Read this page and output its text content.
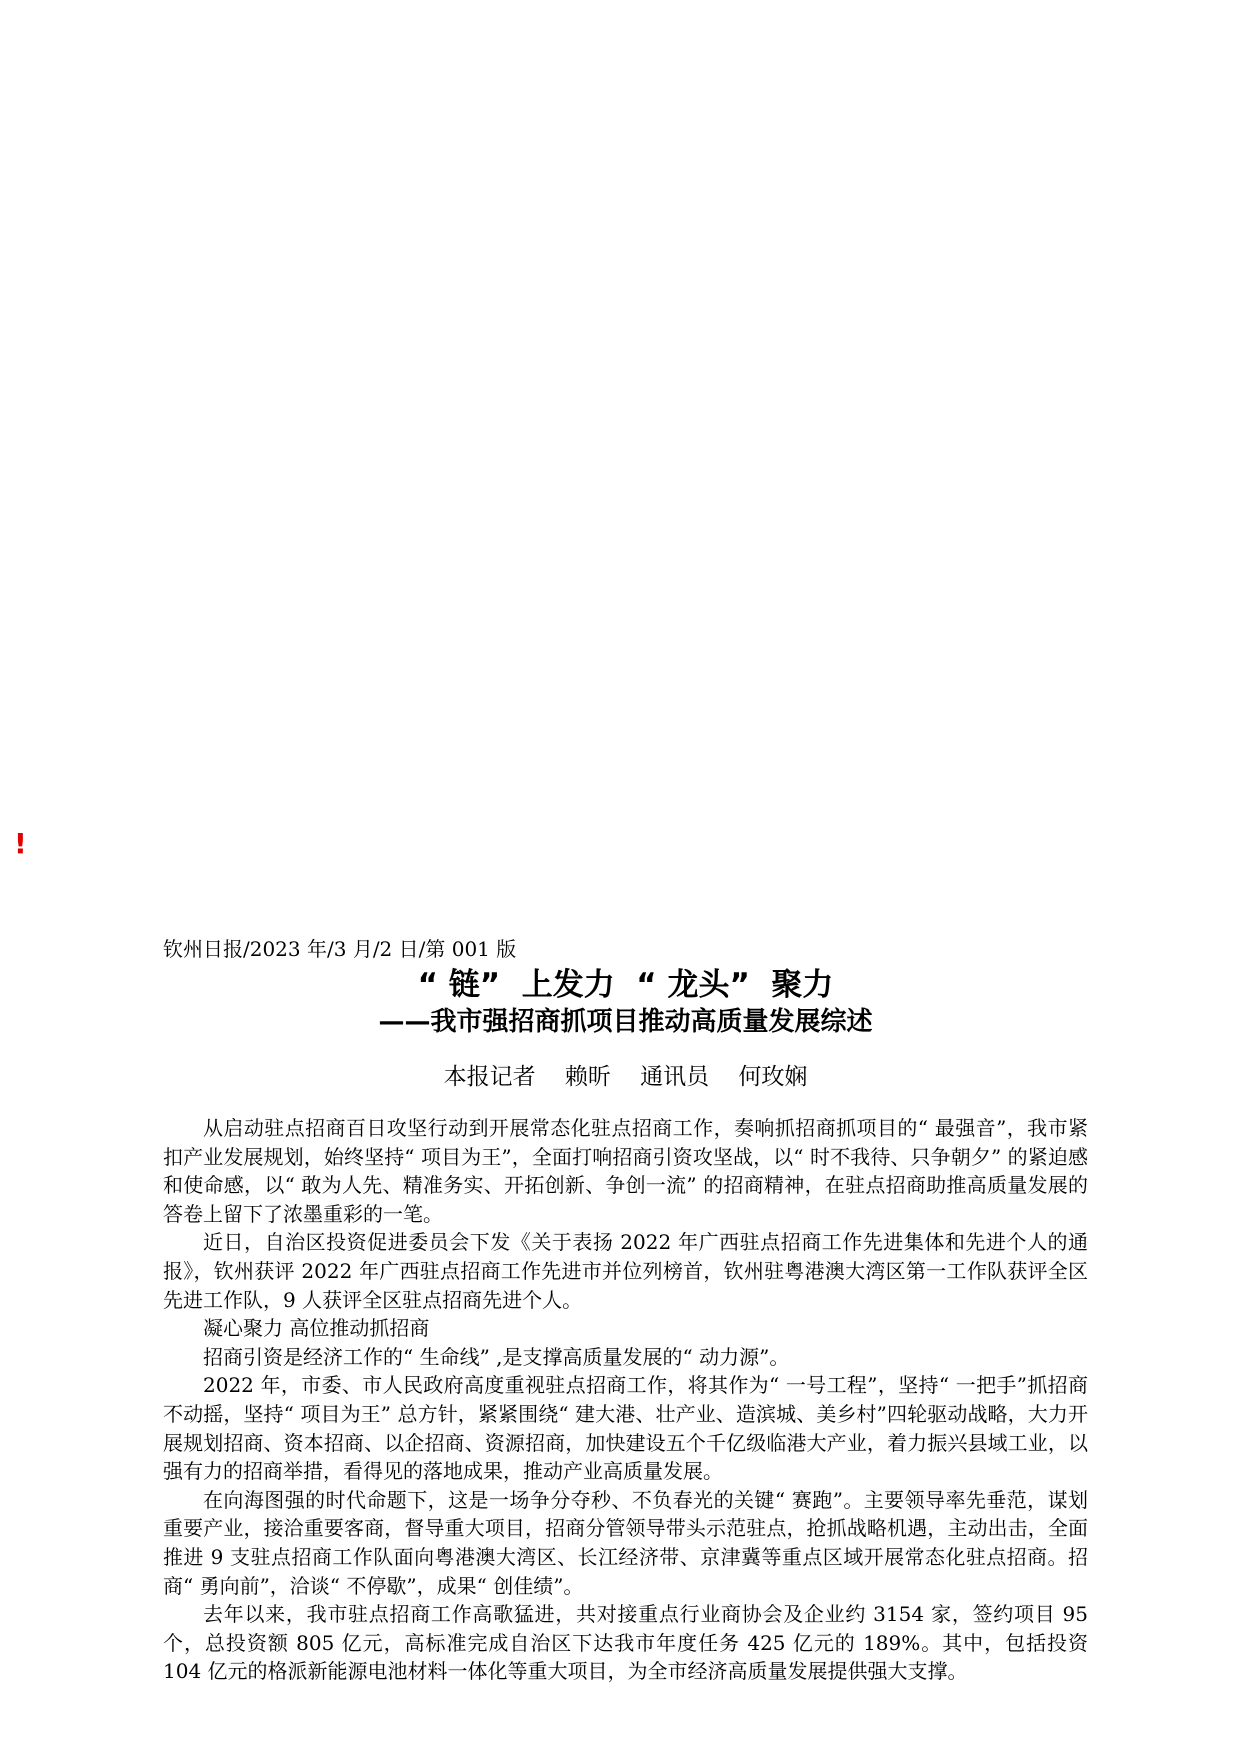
!

钦州日报/2023 年/3 月/2 日/第 001 版

“ 链”  上发力  “ 龙头”  聚力
——我市强招商抓项目推动高质量发展综述
本报记者    赖昕    通讯员    何玫娴

从启动驻点招商百日攻坚行动到开展常态化驻点招商工作，奏响抓招商抓项目的“ 最强音”，我市紧扣产业发展规划，始终坚持“ 项目为王”，全面打响招商引资攻坚战，以“ 时不我待、只争朝夕” 的紧迫感和使命感，以“ 敢为人先、精准务实、开拓创新、争创一流” 的招商精神，在驻点招商助推高质量发展的答卷上留下了浓墨重彩的一笔。

近日，自治区投资促进委员会下发《关于表扬 2022 年广西驻点招商工作先进集体和先进个人的通报》，钦州获评 2022 年广西驻点招商工作先进市并位列榜首，钦州驻粤港澳大湾区第一工作队获评全区先进工作队，9 人获评全区驻点招商先进个人。

凝心聚力 高位推动抓招商

招商引资是经济工作的“ 生命线” ,是支撑高质量发展的“ 动力源”。

2022 年，市委、市人民政府高度重视驻点招商工作，将其作为“ 一号工程”，坚持“ 一把手”抓招商不动摇，坚持“ 项目为王” 总方针，紧紧围绕“ 建大港、壮产业、造滨城、美乡村”四轮驱动战略，大力开展规划招商、资本招商、以企招商、资源招商，加快建设五个千亿级临港大产业，着力振兴县域工业，以强有力的招商举措，看得见的落地成果，推动产业高质量发展。

在向海图强的时代命题下，这是一场争分夺秒、不负春光的关键“ 赛跑”。主要领导率先垂范，谋划重要产业，接洽重要客商，督导重大项目，招商分管领导带头示范驻点，抢抓战略机遇，主动出击，全面推进 9 支驻点招商工作队面向粤港澳大湾区、长江经济带、京津冀等重点区域开展常态化驻点招商。招商“ 勇向前”，洽谈“ 不停歇”，成果“ 创佳绩”。

去年以来，我市驻点招商工作高歌猛进，共对接重点行业商协会及企业约 3154 家，签约项目 95 个，总投资额 805 亿元，高标准完成自治区下达我市年度任务 425 亿元的 189%。其中，包括投资 104 亿元的格派新能源电池材料一体化等重大项目，为全市经济高质量发展提供强大支撑。
